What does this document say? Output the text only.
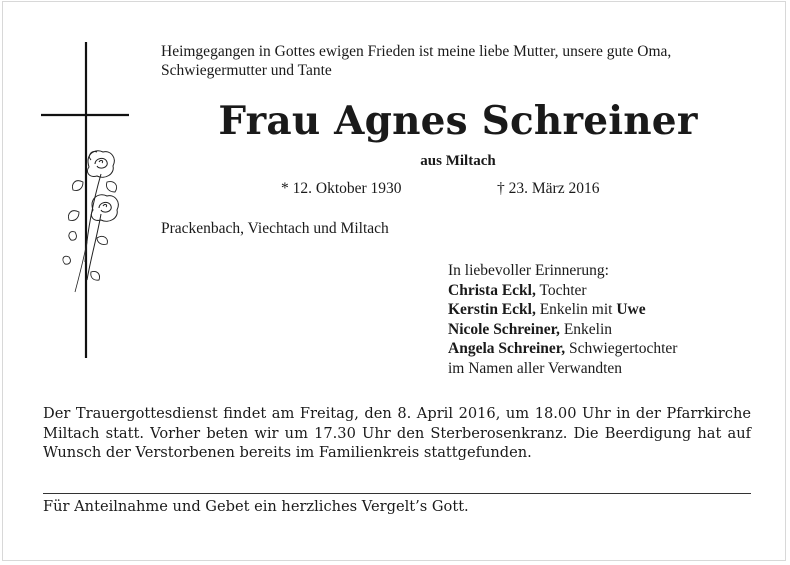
Heimgegangen in Gottes ewigen Frieden ist meine liebe Mutter, unsere gute Oma, Schwiegermutter und Tante
Frau Agnes Schreiner
aus Miltach
* 12. Oktober 1930	† 23. März 2016
Prackenbach, Viechtach und Miltach
In liebevoller Erinnerung:
Christa Eckl, Tochter
Kerstin Eckl, Enkelin mit Uwe
Nicole Schreiner, Enkelin
Angela Schreiner, Schwiegertochter
im Namen aller Verwandten
Der Trauergottesdienst findet am Freitag, den 8. April 2016, um 18.00 Uhr in der Pfarrkirche Miltach statt. Vorher beten wir um 17.30 Uhr den Sterberosenkranz. Die Beerdigung hat auf Wunsch der Verstorbenen bereits im Familienkreis stattgefunden.
Für Anteilnahme und Gebet ein herzliches Vergelt’s Gott.
